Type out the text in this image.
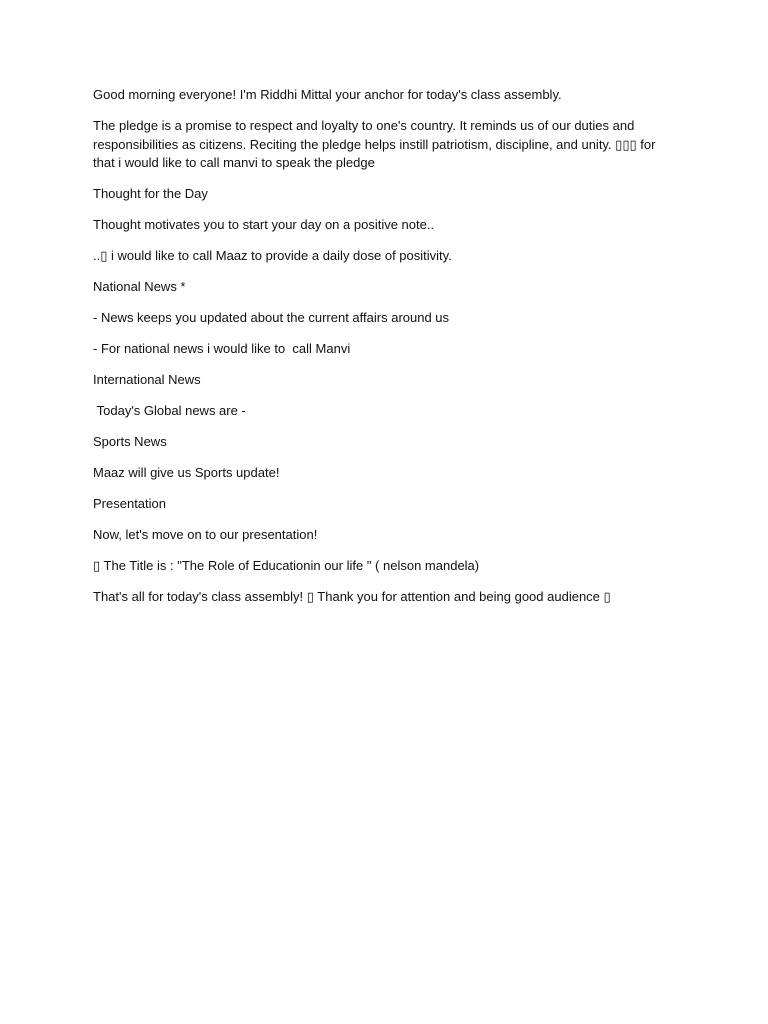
Good morning everyone! I'm Riddhi Mittal your anchor for today's class assembly.

The pledge is a promise to respect and loyalty to one's country. It reminds us of our duties and responsibilities as citizens. Reciting the pledge helps instill patriotism, discipline, and unity. ▯▯▯ for that i would like to call manvi to speak the pledge

Thought for the Day

Thought motivates you to start your day on a positive note..

..▯ i would like to call Maaz to provide a daily dose of positivity.

National News *

- News keeps you updated about the current affairs around us

- For national news i would like to  call Manvi

International News

Today's Global news are -

Sports News

Maaz will give us Sports update!

Presentation

Now, let's move on to our presentation!

▯ The Title is : "The Role of Educationin our life " ( nelson mandela)

That's all for today's class assembly! ▯ Thank you for attention and being good audience ▯
